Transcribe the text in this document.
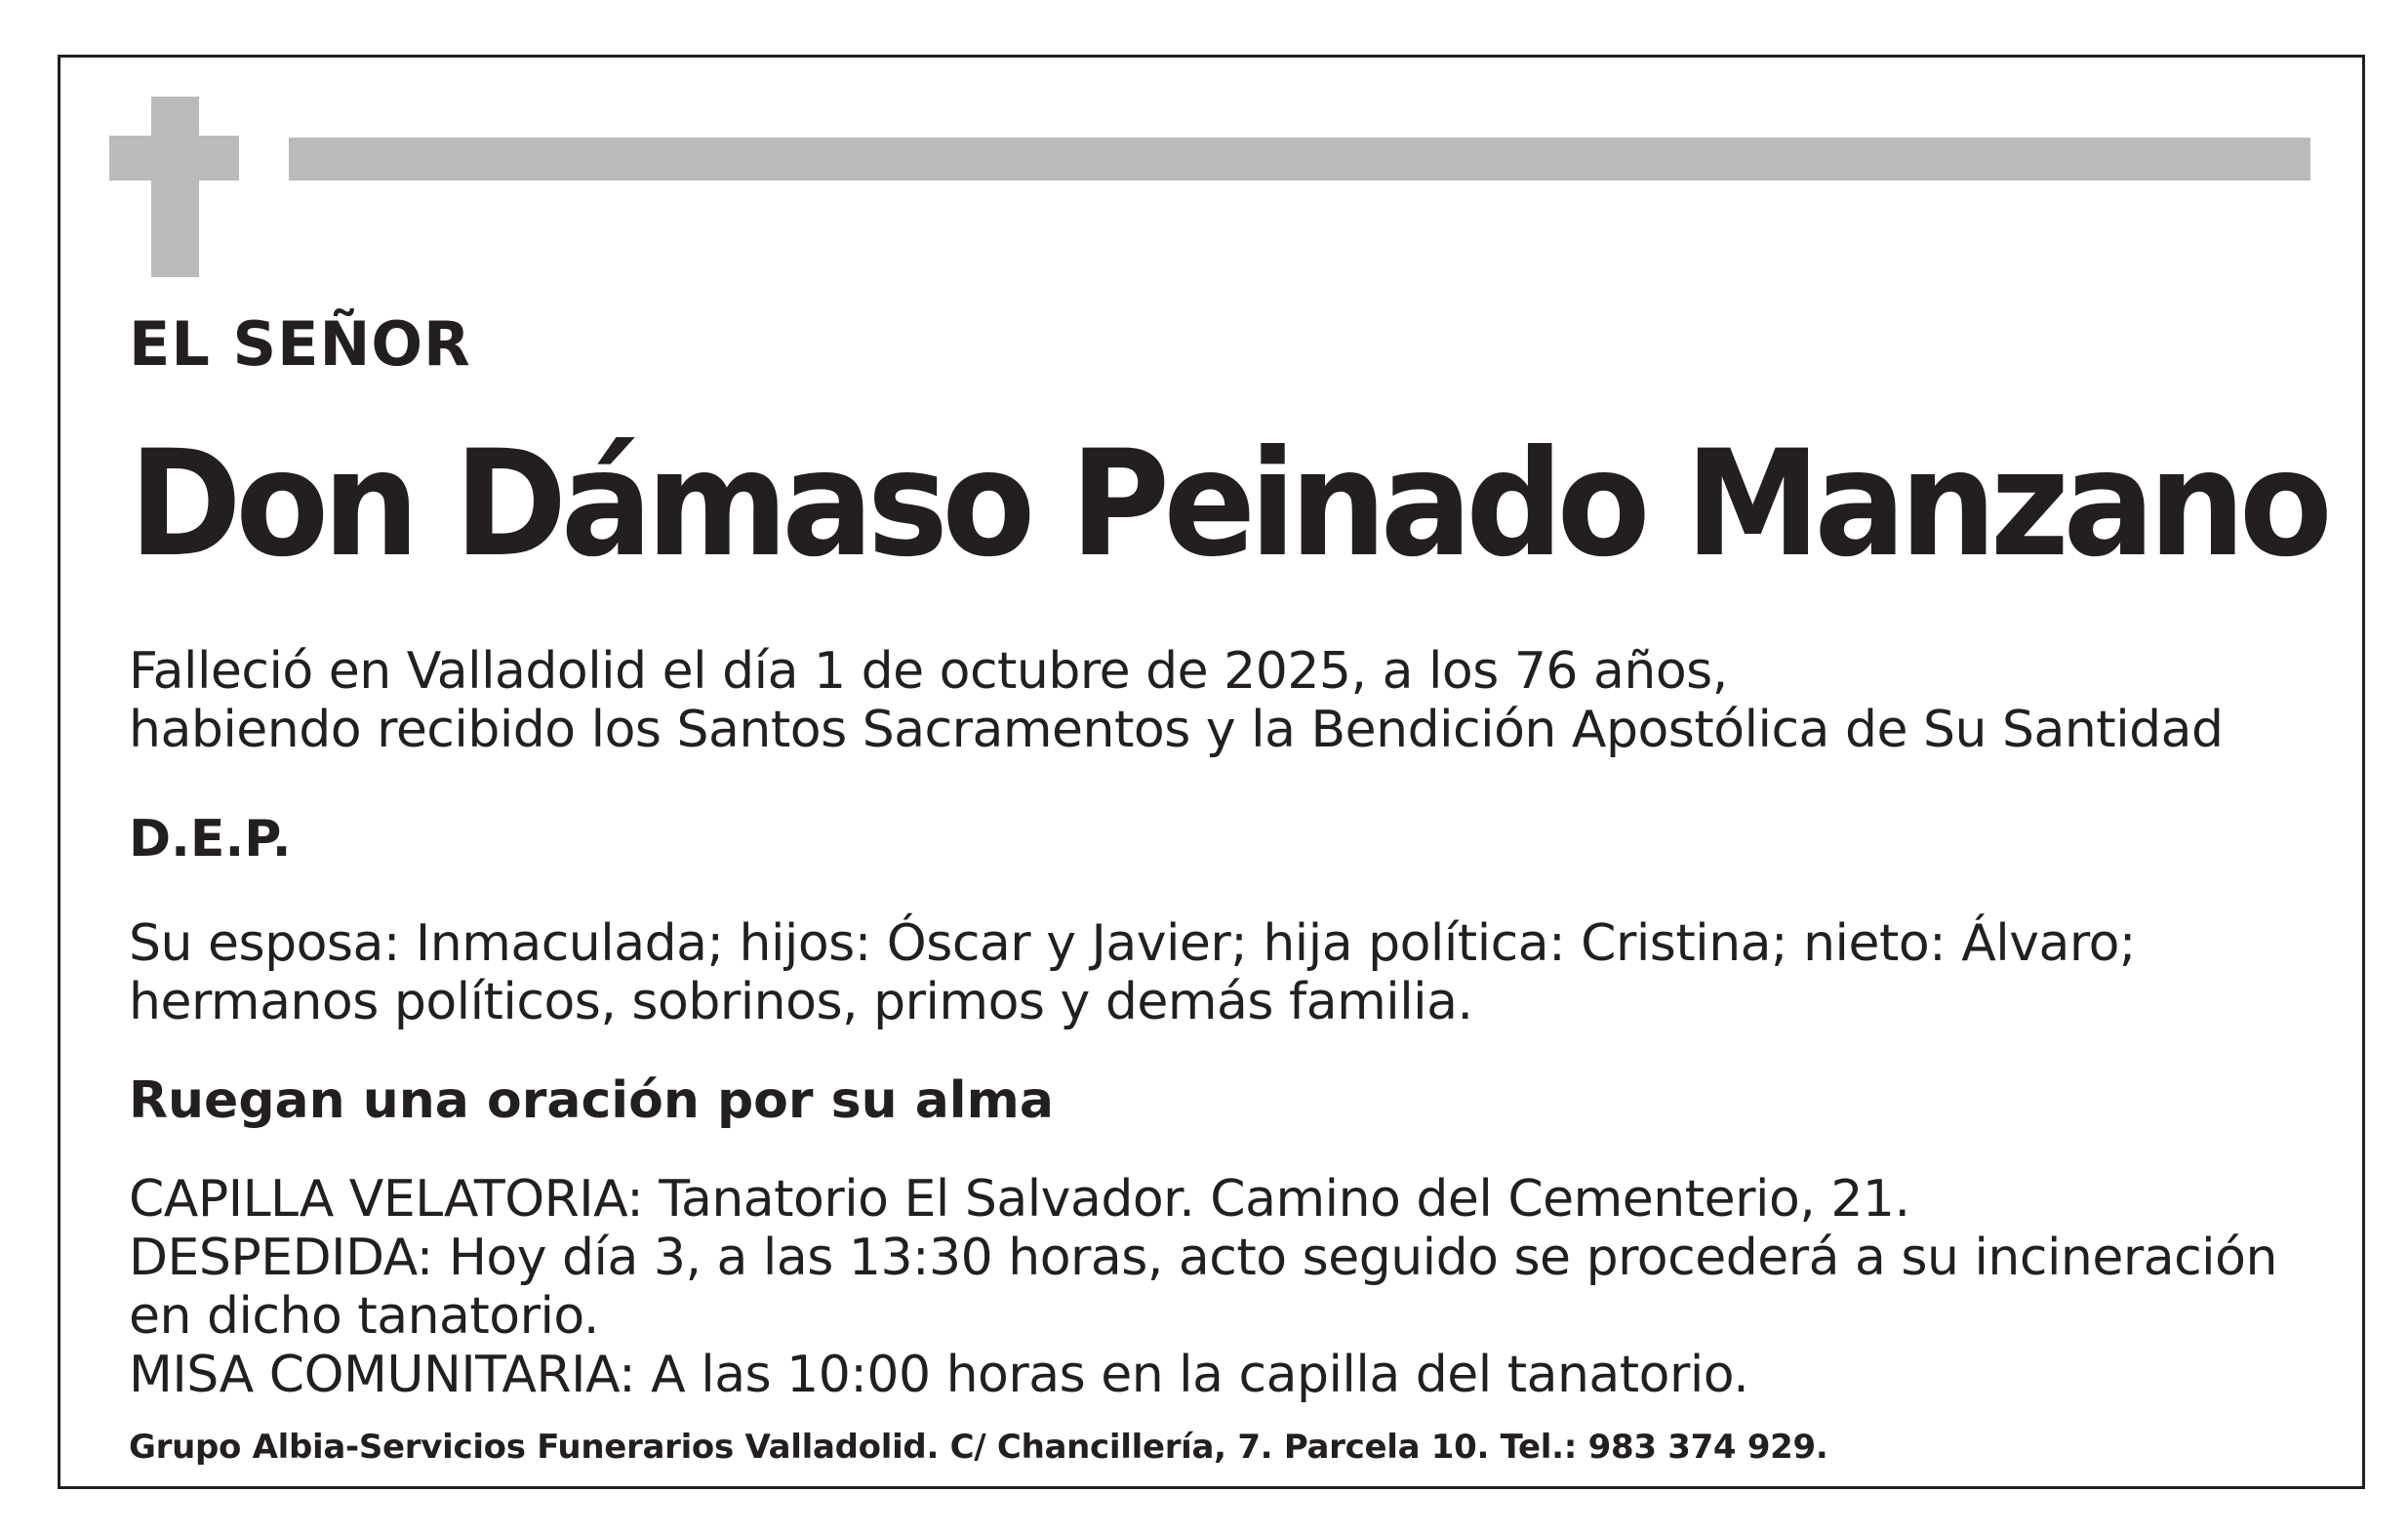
EL SEÑOR

Don Dámaso Peinado Manzano

Falleció en Valladolid el día 1 de octubre de 2025, a los 76 años,
habiendo recibido los Santos Sacramentos y la Bendición Apostólica de Su Santidad

D.E.P.

Su esposa: Inmaculada; hijos: Óscar y Javier; hija política: Cristina; nieto: Álvaro;
hermanos políticos, sobrinos, primos y demás familia.

Ruegan una oración por su alma

CAPILLA VELATORIA: Tanatorio El Salvador. Camino del Cementerio, 21.
DESPEDIDA: Hoy día 3, a las 13:30 horas, acto seguido se procederá a su incineración
en dicho tanatorio.
MISA COMUNITARIA: A las 10:00 horas en la capilla del tanatorio.

Grupo Albia-Servicios Funerarios Valladolid. C/ Chancillería, 7. Parcela 10. Tel.: 983 374 929.
